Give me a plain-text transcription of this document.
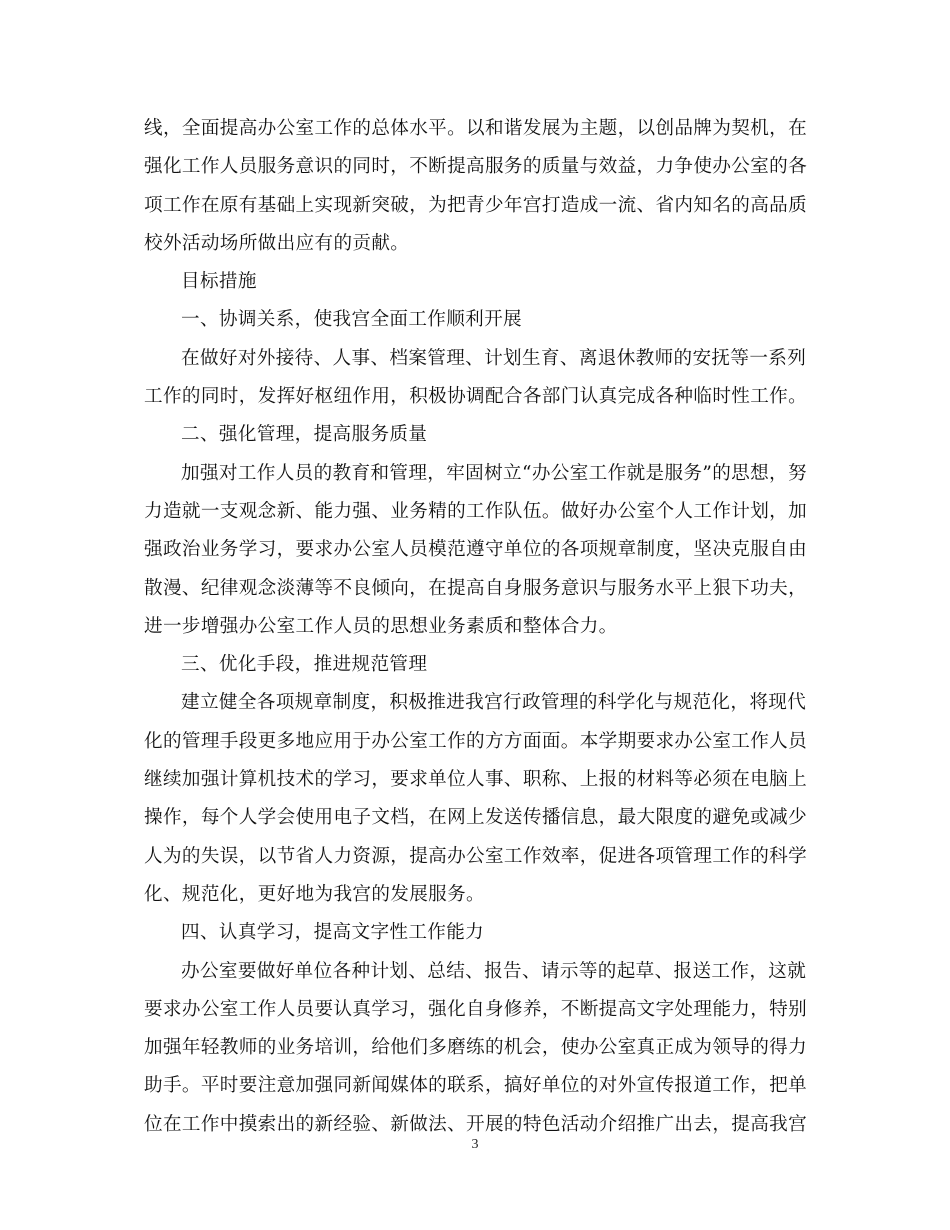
线，全面提高办公室工作的总体水平。以和谐发展为主题，以创品牌为契机，在
强化工作人员服务意识的同时，不断提高服务的质量与效益，力争使办公室的各
项工作在原有基础上实现新突破，为把青少年宫打造成一流、省内知名的高品质
校外活动场所做出应有的贡献。
目标措施
一、协调关系，使我宫全面工作顺利开展
在做好对外接待、人事、档案管理、计划生育、离退休教师的安抚等一系列
工作的同时，发挥好枢纽作用，积极协调配合各部门认真完成各种临时性工作。
二、强化管理，提高服务质量
加强对工作人员的教育和管理，牢固树立“办公室工作就是服务”的思想，努
力造就一支观念新、能力强、业务精的工作队伍。做好办公室个人工作计划，加
强政治业务学习，要求办公室人员模范遵守单位的各项规章制度，坚决克服自由
散漫、纪律观念淡薄等不良倾向，在提高自身服务意识与服务水平上狠下功夫，
进一步增强办公室工作人员的思想业务素质和整体合力。
三、优化手段，推进规范管理
建立健全各项规章制度，积极推进我宫行政管理的科学化与规范化，将现代
化的管理手段更多地应用于办公室工作的方方面面。本学期要求办公室工作人员
继续加强计算机技术的学习，要求单位人事、职称、上报的材料等必须在电脑上
操作，每个人学会使用电子文档，在网上发送传播信息，最大限度的避免或减少
人为的失误，以节省人力资源，提高办公室工作效率，促进各项管理工作的科学
化、规范化，更好地为我宫的发展服务。
四、认真学习，提高文字性工作能力
办公室要做好单位各种计划、总结、报告、请示等的起草、报送工作，这就
要求办公室工作人员要认真学习，强化自身修养，不断提高文字处理能力，特别
加强年轻教师的业务培训，给他们多磨练的机会，使办公室真正成为领导的得力
助手。平时要注意加强同新闻媒体的联系，搞好单位的对外宣传报道工作，把单
位在工作中摸索出的新经验、新做法、开展的特色活动介绍推广出去，提高我宫
3
